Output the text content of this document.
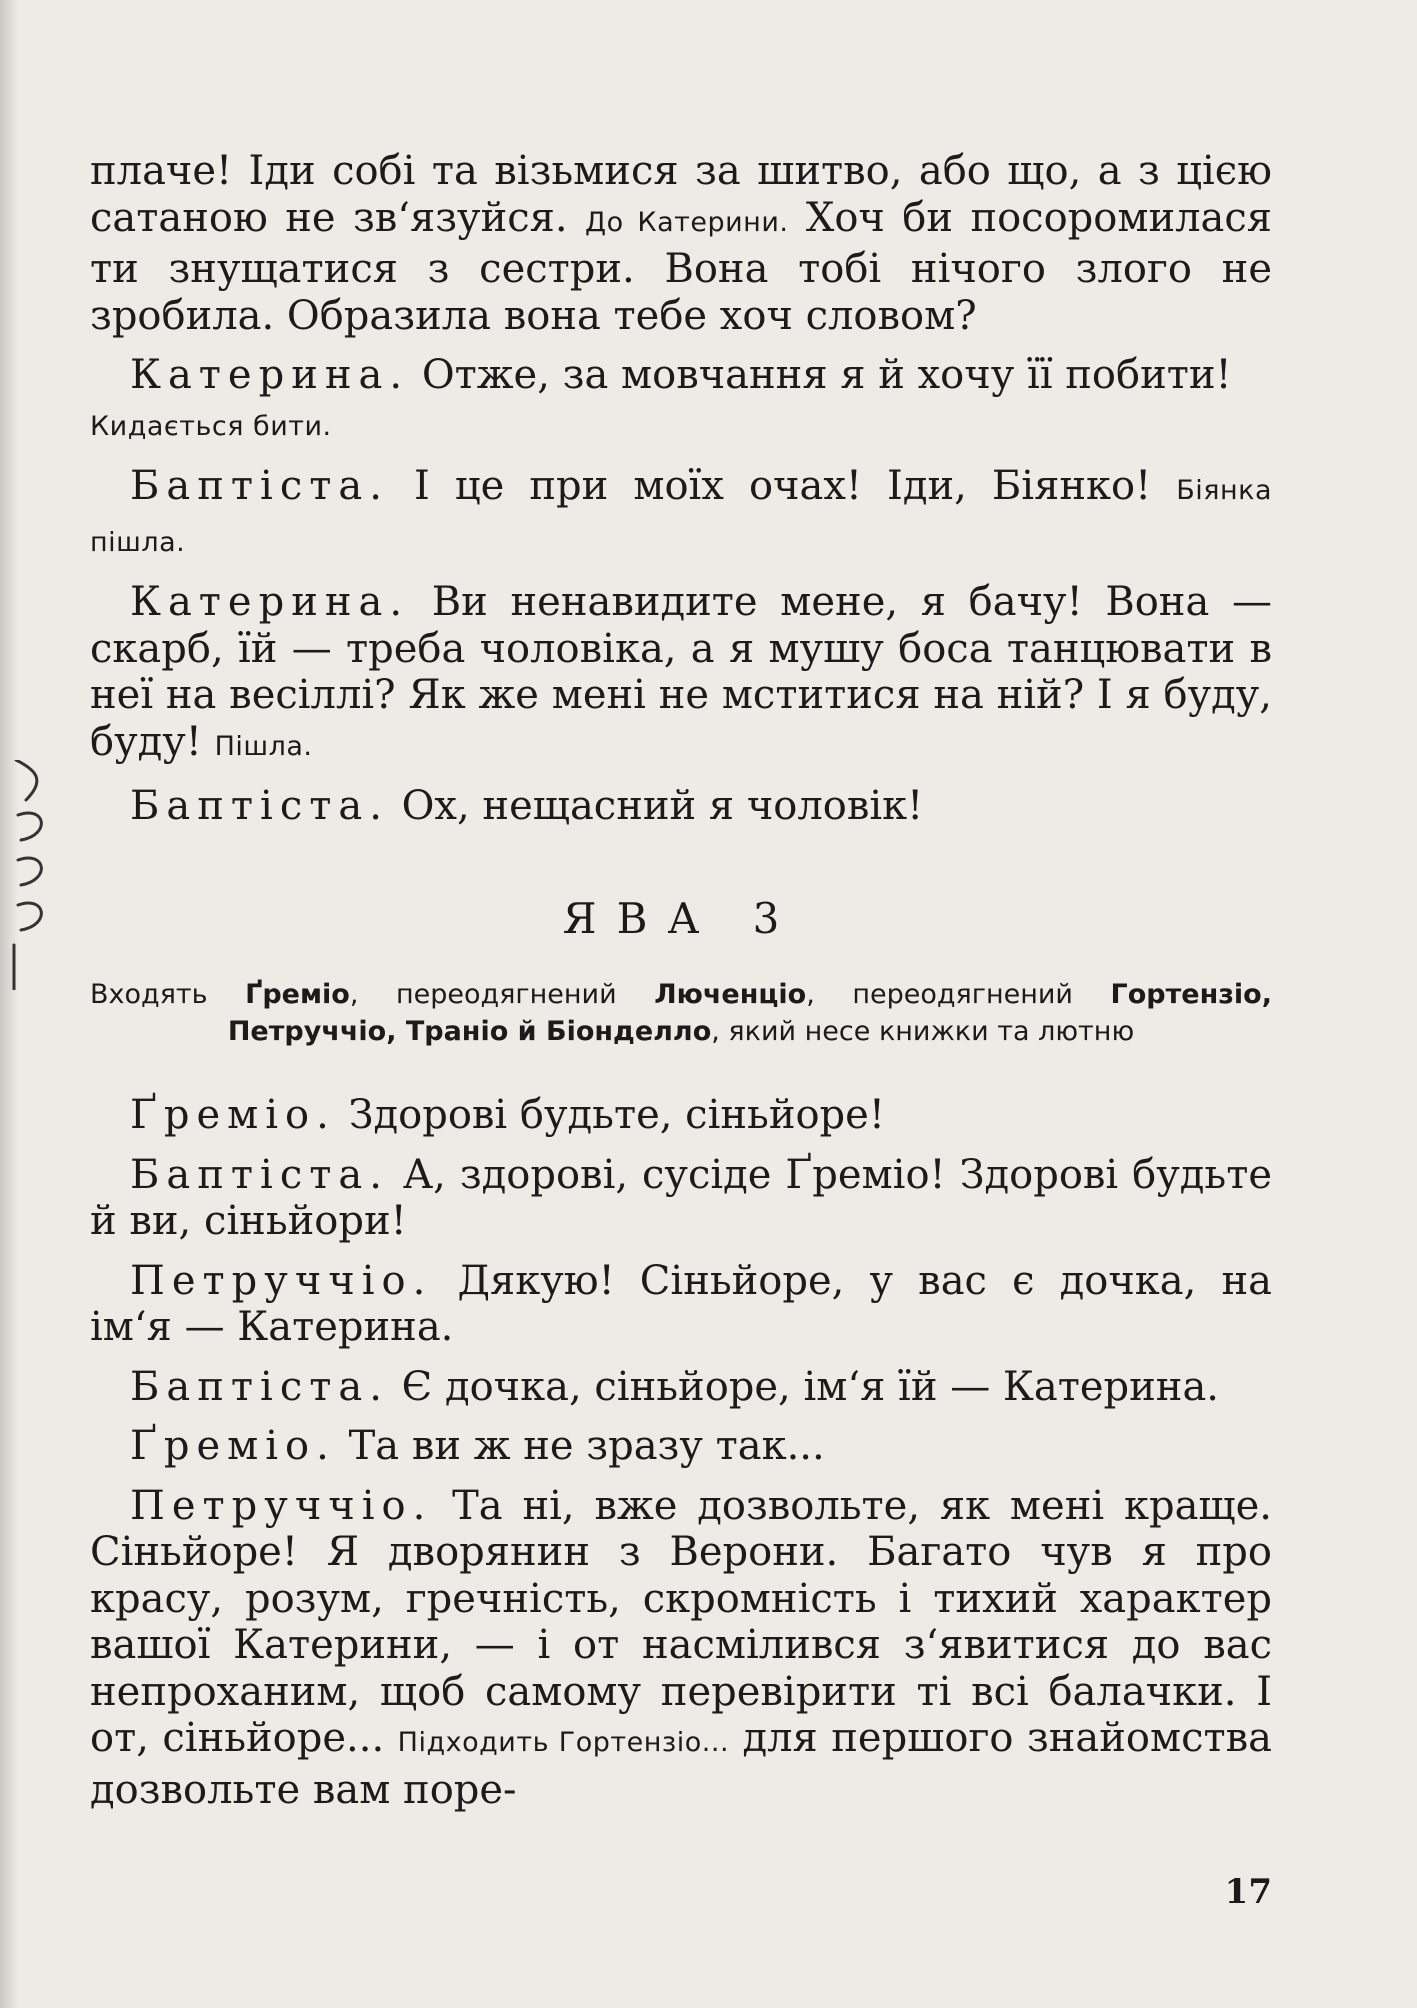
плаче! Іди собі та візьмися за шитво, або що, а з цією сатаною не зв‘язуйся. До Катерини. Хоч би посоромилася ти знущатися з сестри. Вона тобі нічого злого не зробила. Образила вона тебе хоч словом?

Катерина. Отже, за мовчання я й хочу її побити!
Кидається бити.

Баптіста. І це при моїх очах! Іди, Біянко! Біянка пішла.

Катерина. Ви ненавидите мене, я бачу! Вона — скарб, їй — треба чоловіка, а я мушу боса танцювати в неї на весіллі? Як же мені не мститися на ній? І я буду, буду! Пішла.

Баптіста. Ох, нещасний я чоловік!

ЯВА 3
Входять Ґреміо, переодягнений Люченціо, переодягнений Гортензіо, Петруччіо, Траніо й Біонделло, який несе книжки та лютню

Ґреміо. Здорові будьте, сіньйоре!

Баптіста. А, здорові, сусіде Ґреміо! Здорові будьте й ви, сіньйори!

Петруччіо. Дякую! Сіньйоре, у вас є дочка, на ім‘я — Катерина.

Баптіста. Є дочка, сіньйоре, ім‘я їй — Катерина.

Ґреміо. Та ви ж не зразу так...

Петруччіо. Та ні, вже дозвольте, як мені краще. Сіньйоре! Я дворянин з Верони. Багато чув я про красу, розум, гречність, скромність і тихий характер вашої Катерини, — і от насмілився з‘явитися до вас непроханим, щоб самому перевірити ті всі балачки. І от, сіньйоре... Підходить Гортензіо... для першого знайомства дозвольте вам поре-

17
